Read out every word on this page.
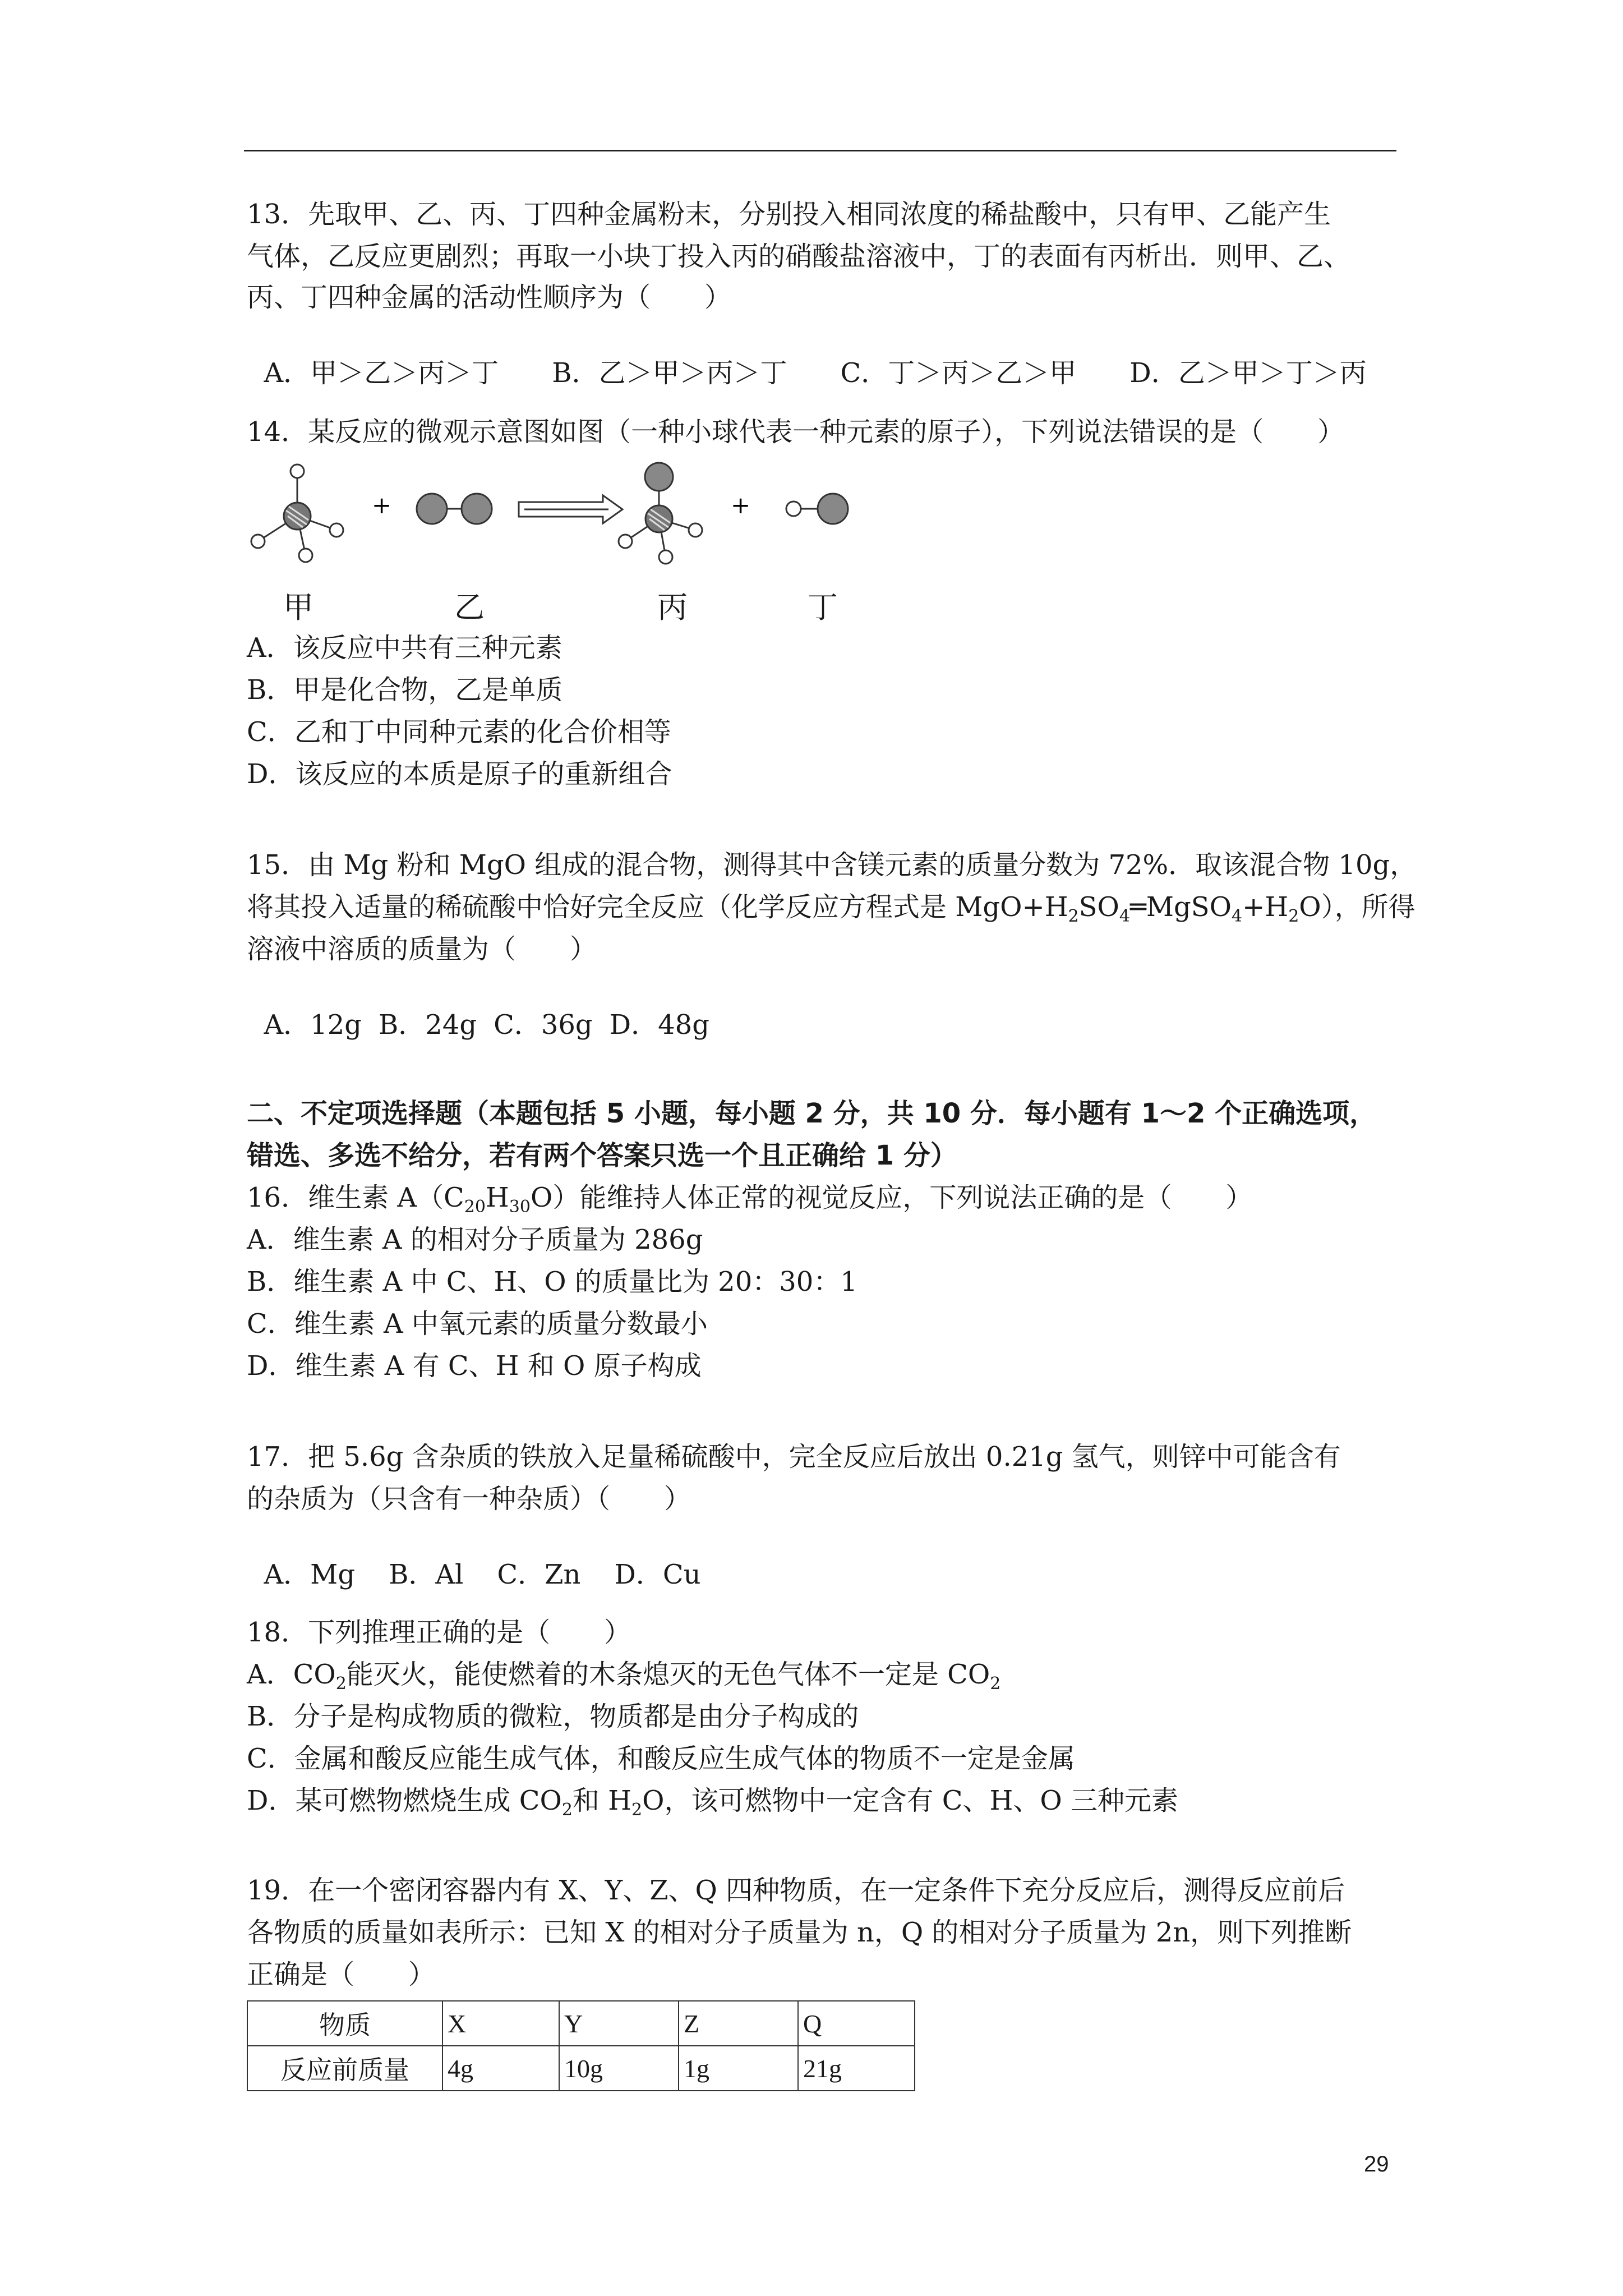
13．先取甲、乙、丙、丁四种金属粉末，分别投入相同浓度的稀盐酸中，只有甲、乙能产生
气体，乙反应更剧烈；再取一小块丁投入丙的硝酸盐溶液中，丁的表面有丙析出．则甲、乙、
丙、丁四种金属的活动性顺序为（　　）

A．甲＞乙＞丙＞丁 B．乙＞甲＞丙＞丁 C．丁＞丙＞乙＞甲 D．乙＞甲＞丁＞丙

14．某反应的微观示意图如图（一种小球代表一种元素的原子），下列说法错误的是（　　）
+	+
甲	乙	丙	丁
A．该反应中共有三种元素
B．甲是化合物，乙是单质
C．乙和丁中同种元素的化合价相等
D．该反应的本质是原子的重新组合
15．由 Mg 粉和 MgO 组成的混合物，测得其中含镁元素的质量分数为 72%．取该混合物 10g，
将其投入适量的稀硫酸中恰好完全反应（化学反应方程式是 $MgO+H_2SO_4═MgSO_4+H_2O$），所得
溶液中溶质的质量为（　　）

A．12g B．24g C．36g D．48g

二、不定项选择题（本题包括 5 小题，每小题 2 分，共 10 分．每小题有 1～2 个正确选项，
错选、多选不给分，若有两个答案只选一个且正确给 1 分）
16．维生素 $A(C_{20}H_{30}O)$能维持人体正常的视觉反应，下列说法正确的是（　　）
A．维生素 A 的相对分子质量为 286g
B．维生素 A 中 C、H、O 的质量比为 20：30：1
C．维生素 A 中氧元素的质量分数最小
D．维生素 A 有 C、H 和 O 原子构成
17．把 5.6g 含杂质的铁放入足量稀硫酸中，完全反应后放出 0.21g 氢气，则锌中可能含有
的杂质为（只含有一种杂质）（　　）

A．Mg B．Al C．Zn D．Cu

18．下列推理正确的是（　　）
A．$CO_2$能灭火，能使燃着的木条熄灭的无色气体不一定是 $CO_2$
B．分子是构成物质的微粒，物质都是由分子构成的
C．金属和酸反应能生成气体，和酸反应生成气体的物质不一定是金属
D．某可燃物燃烧生成 $CO_2$和 $H_2O$，该可燃物中一定含有 C、H、O 三种元素
19．在一个密闭容器内有 X、Y、Z、Q 四种物质，在一定条件下充分反应后，测得反应前后
各物质的质量如表所示：已知 X 的相对分子质量为 n，Q 的相对分子质量为 2n，则下列推断
正确是（　　）
物质	X	Y	Z	Q
反应前质量	4g	10g	1g	21g
29
